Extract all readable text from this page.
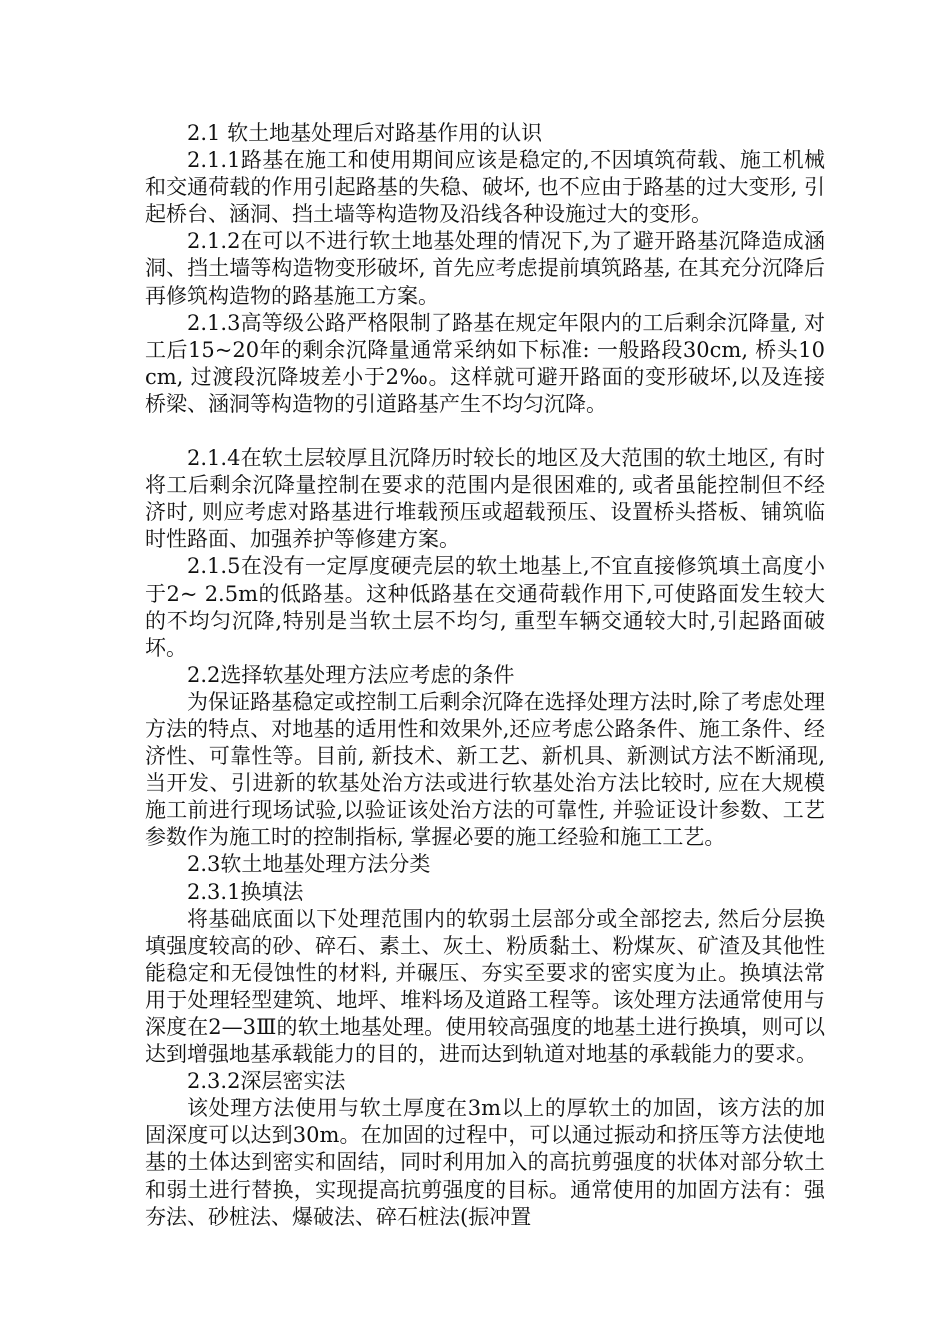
2.1 软土地基处理后对路基作用的认识

2.1.1路基在施工和使用期间应该是稳定的,不因填筑荷载、施工机械和交通荷载的作用引起路基的失稳、破坏, 也不应由于路基的过大变形, 引起桥台、涵洞、挡土墙等构造物及沿线各种设施过大的变形。

2.1.2在可以不进行软土地基处理的情况下,为了避开路基沉降造成涵洞、挡土墙等构造物变形破坏, 首先应考虑提前填筑路基, 在其充分沉降后再修筑构造物的路基施工方案。

2.1.3高等级公路严格限制了路基在规定年限内的工后剩余沉降量, 对工后15~20年的剩余沉降量通常采纳如下标准: 一般路段30cm, 桥头10 cm, 过渡段沉降坡差小于2‰。这样就可避开路面的变形破坏,以及连接桥梁、涵洞等构造物的引道路基产生不均匀沉降。

2.1.4在软土层较厚且沉降历时较长的地区及大范围的软土地区, 有时将工后剩余沉降量控制在要求的范围内是很困难的, 或者虽能控制但不经济时, 则应考虑对路基进行堆载预压或超载预压、设置桥头搭板、铺筑临时性路面、加强养护等修建方案。

2.1.5在没有一定厚度硬壳层的软土地基上,不宜直接修筑填土高度小于2~ 2.5m的低路基。这种低路基在交通荷载作用下,可使路面发生较大的不均匀沉降,特别是当软土层不均匀, 重型车辆交通较大时,引起路面破坏。

2.2选择软基处理方法应考虑的条件

为保证路基稳定或控制工后剩余沉降在选择处理方法时,除了考虑处理方法的特点、对地基的适用性和效果外,还应考虑公路条件、施工条件、经济性、可靠性等。目前, 新技术、新工艺、新机具、新测试方法不断涌现,当开发、引进新的软基处治方法或进行软基处治方法比较时, 应在大规模施工前进行现场试验,以验证该处治方法的可靠性, 并验证设计参数、工艺参数作为施工时的控制指标, 掌握必要的施工经验和施工工艺。

2.3软土地基处理方法分类

2.3.1换填法

将基础底面以下处理范围内的软弱土层部分或全部挖去, 然后分层换填强度较高的砂、碎石、素土、灰土、粉质黏土、粉煤灰、矿渣及其他性能稳定和无侵蚀性的材料, 并碾压、夯实至要求的密实度为止。换填法常用于处理轻型建筑、地坪、堆料场及道路工程等。该处理方法通常使用与深度在2—3Ⅲ的软土地基处理。使用较高强度的地基土进行换填，则可以达到增强地基承载能力的目的，进而达到轨道对地基的承载能力的要求。

2.3.2深层密实法

该处理方法使用与软土厚度在3m以上的厚软土的加固，该方法的加固深度可以达到30m。在加固的过程中，可以通过振动和挤压等方法使地基的土体达到密实和固结，同时利用加入的高抗剪强度的状体对部分软土和弱土进行替换，实现提高抗剪强度的目标。通常使用的加固方法有：强夯法、砂桩法、爆破法、碎石桩法(振冲置
